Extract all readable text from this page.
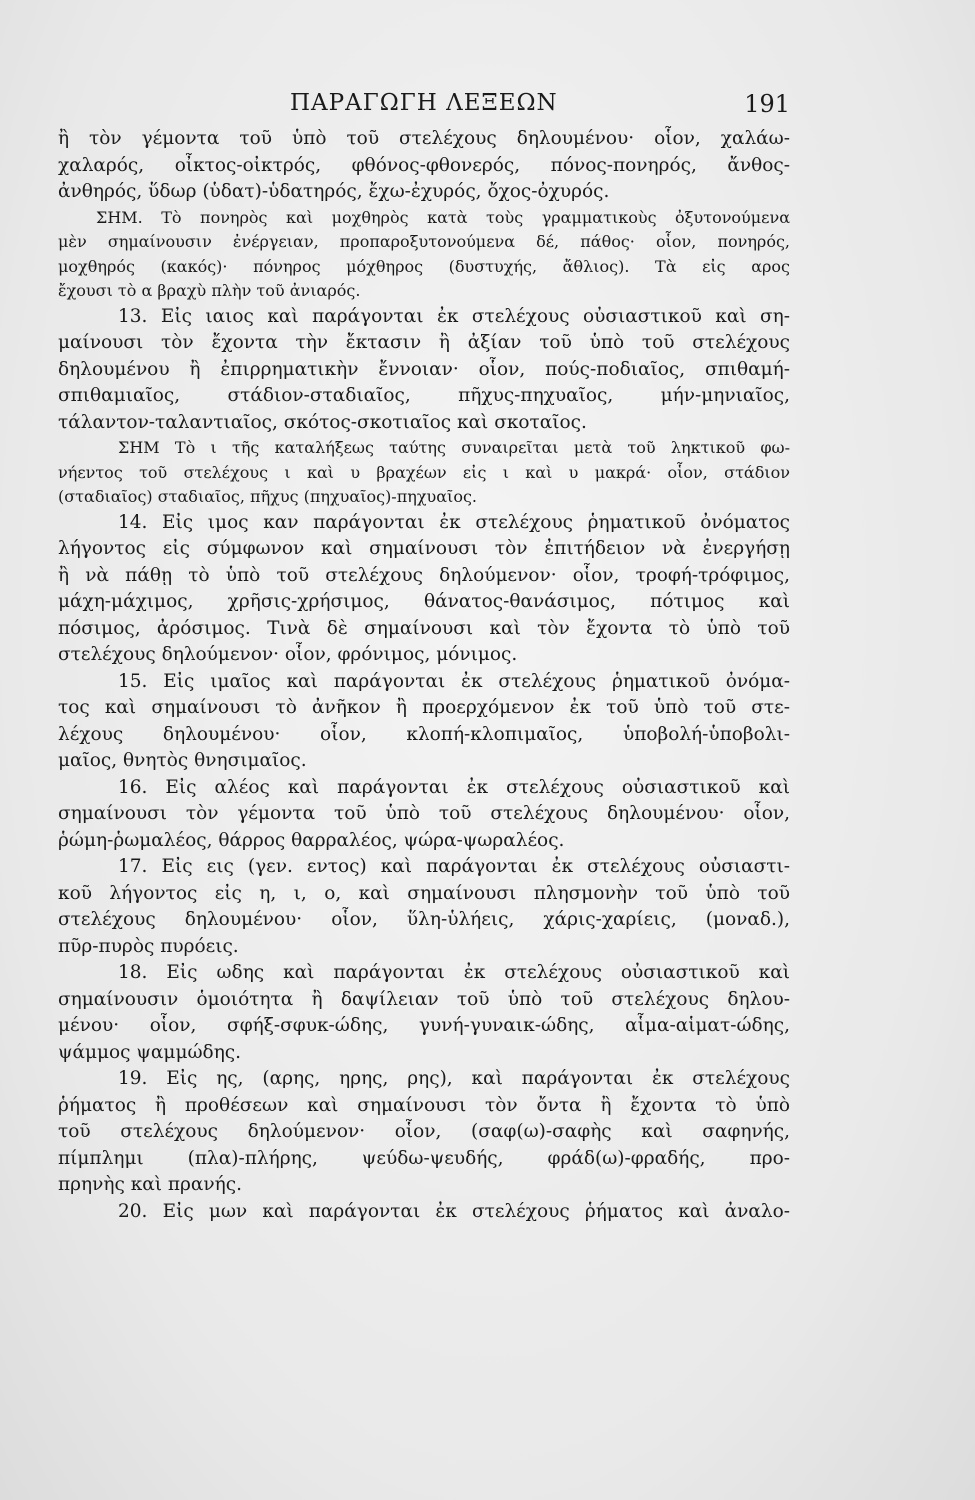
ΠΑΡΑΓΩΓΗ ΛΕΞΕΩΝ	191
ἢ τὸν γέμοντα τοῦ ὑπὸ τοῦ στελέχους δηλουμένου· οἷον, χαλάω-
χαλαρός, οἶκτος-οἰκτρός, φθόνος-φθονερός, πόνος-πονηρός, ἄνθος-
ἀνθηρός, ὕδωρ (ὑδατ)-ὑδατηρός, ἔχω-ἐχυρός, ὄχος-ὀχυρός.
ΣΗΜ. Τὸ πονηρὸς καὶ μοχθηρὸς κατὰ τοὺς γραμματικοὺς ὀξυτονούμενα
μὲν σημαίνουσιν ἐνέργειαν, προπαροξυτονούμενα δέ, πάθος· οἷον, πονηρός,
μοχθηρός (κακός)· πόνηρος μόχθηρος (δυστυχής, ἄθλιος). Τὰ εἰς αρος
ἔχουσι τὸ α βραχὺ πλὴν τοῦ ἀνιαρός.
13. Εἰς ιαιος καὶ παράγονται ἐκ στελέχους οὐσιαστικοῦ καὶ ση-
μαίνουσι τὸν ἔχοντα τὴν ἔκτασιν ἢ ἀξίαν τοῦ ὑπὸ τοῦ στελέχους
δηλουμένου ἢ ἐπιρρηματικὴν ἔννοιαν· οἷον, πούς-ποδιαῖος, σπιθαμή-
σπιθαμιαῖος, στάδιον-σταδιαῖος, πῆχυς-πηχυαῖος, μήν-μηνιαῖος,
τάλαντον-ταλαντιαῖος, σκότος-σκοτιαῖος καὶ σκοταῖος.
ΣΗΜ Τὸ ι τῆς καταλήξεως ταύτης συναιρεῖται μετὰ τοῦ ληκτικοῦ φω-
νήεντος τοῦ στελέχους ι καὶ υ βραχέων εἰς ι καὶ υ μακρά· οἷον, στάδιον
(σταδιαῖος) σταδιαῖος, πῆχυς (πηχυαῖος)-πηχυαῖος.
14. Εἰς ιμος καν παράγονται ἐκ στελέχους ῥηματικοῦ ὀνόματος
λήγοντος εἰς σύμφωνον καὶ σημαίνουσι τὸν ἐπιτήδειον νὰ ἐνεργήσῃ
ἢ νὰ πάθῃ τὸ ὑπὸ τοῦ στελέχους δηλούμενον· οἷον, τροφή-τρόφιμος,
μάχη-μάχιμος, χρῆσις-χρήσιμος, θάνατος-θανάσιμος, πότιμος καὶ
πόσιμος, ἀρόσιμος. Τινὰ δὲ σημαίνουσι καὶ τὸν ἔχοντα τὸ ὑπὸ τοῦ
στελέχους δηλούμενον· οἷον, φρόνιμος, μόνιμος.
15. Εἰς ιμαῖος καὶ παράγονται ἐκ στελέχους ῥηματικοῦ ὀνόμα-
τος καὶ σημαίνουσι τὸ ἀνῆκον ἢ προερχόμενον ἐκ τοῦ ὑπὸ τοῦ στε-
λέχους δηλουμένου· οἷον, κλοπή-κλοπιμαῖος, ὑποβολή-ὑποβολι-
μαῖος, θνητὸς θνησιμαῖος.
16. Εἰς αλέος καὶ παράγονται ἐκ στελέχους οὐσιαστικοῦ καὶ
σημαίνουσι τὸν γέμοντα τοῦ ὑπὸ τοῦ στελέχους δηλουμένου· οἷον,
ῥώμη-ῥωμαλέος, θάρρος θαρραλέος, ψώρα-ψωραλέος.
17. Εἰς εις (γεν. εντος) καὶ παράγονται ἐκ στελέχους οὐσιαστι-
κοῦ λήγοντος εἰς η, ι, ο, καὶ σημαίνουσι πλησμονὴν τοῦ ὑπὸ τοῦ
στελέχους δηλουμένου· οἷον, ὕλη-ὑλήεις, χάρις-χαρίεις, (μοναδ.),
πῦρ-πυρὸς πυρόεις.
18. Εἰς ωδης καὶ παράγονται ἐκ στελέχους οὐσιαστικοῦ καὶ
σημαίνουσιν ὁμοιότητα ἢ δαψίλειαν τοῦ ὑπὸ τοῦ στελέχους δηλου-
μένου· οἷον, σφήξ-σφυκ-ώδης, γυνή-γυναικ-ώδης, αἷμα-αἱματ-ώδης,
ψάμμος ψαμμώδης.
19. Εἰς ης, (αρης, ηρης, ρης), καὶ παράγονται ἐκ στελέχους
ῥήματος ἢ προθέσεων καὶ σημαίνουσι τὸν ὄντα ἢ ἔχοντα τὸ ὑπὸ
τοῦ στελέχους δηλούμενον· οἷον, (σαφ(ω)-σαφὴς καὶ σαφηνής,
πίμπλημι (πλα)-πλήρης, ψεύδω-ψευδής, φράδ(ω)-φραδής, προ-
πρηνὴς καὶ πρανής.
20. Εἰς μων καὶ παράγονται ἐκ στελέχους ῥήματος καὶ ἀναλο-
